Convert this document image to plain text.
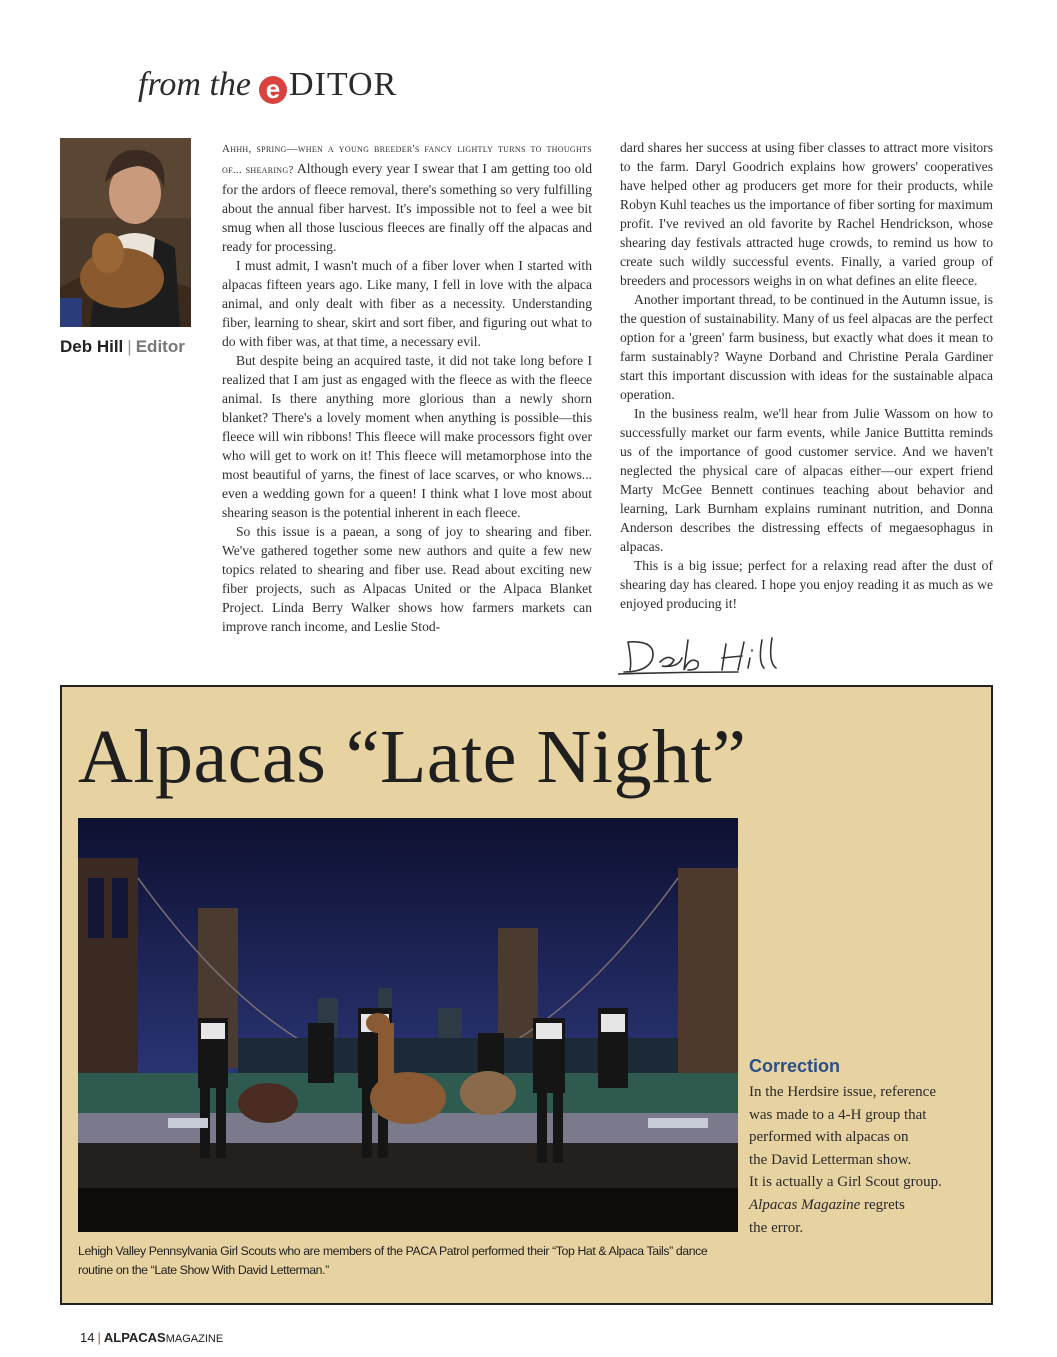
from the e DITOR
Deb Hill | Editor

Ahhh, spring—when a young breeder's fancy lightly turns to thoughts of... shearing? Although every year I swear that I am getting too old for the ardors of fleece removal, there's something so very fulfilling about the annual fiber harvest. It's impossible not to feel a wee bit smug when all those luscious fleeces are finally off the alpacas and ready for processing.

I must admit, I wasn't much of a fiber lover when I started with alpacas fifteen years ago. Like many, I fell in love with the alpaca animal, and only dealt with fiber as a necessity. Understanding fiber, learning to shear, skirt and sort fiber, and figuring out what to do with fiber was, at that time, a necessary evil.

But despite being an acquired taste, it did not take long before I realized that I am just as engaged with the fleece as with the fleece animal. Is there anything more glorious than a newly shorn blanket? There's a lovely moment when anything is possible—this fleece will win ribbons! This fleece will make processors fight over who will get to work on it! This fleece will metamorphose into the most beautiful of yarns, the finest of lace scarves, or who knows... even a wedding gown for a queen! I think what I love most about shearing season is the potential inherent in each fleece.

So this issue is a paean, a song of joy to shearing and fiber. We've gathered together some new authors and quite a few new topics related to shearing and fiber use. Read about exciting new fiber projects, such as Alpacas United or the Alpaca Blanket Project. Linda Berry Walker shows how farmers markets can improve ranch income, and Leslie Stod-

dard shares her success at using fiber classes to attract more visitors to the farm. Daryl Goodrich explains how growers' cooperatives have helped other ag producers get more for their products, while Robyn Kuhl teaches us the importance of fiber sorting for maximum profit. I've revived an old favorite by Rachel Hendrickson, whose shearing day festivals attracted huge crowds, to remind us how to create such wildly successful events. Finally, a varied group of breeders and processors weighs in on what defines an elite fleece.

Another important thread, to be continued in the Autumn issue, is the question of sustainability. Many of us feel alpacas are the perfect option for a 'green' farm business, but exactly what does it mean to farm sustainably? Wayne Dorband and Christine Perala Gardiner start this important discussion with ideas for the sustainable alpaca operation.

In the business realm, we'll hear from Julie Wassom on how to successfully market our farm events, while Janice Buttitta reminds us of the importance of good customer service. And we haven't neglected the physical care of alpacas either—our expert friend Marty McGee Bennett continues teaching about behavior and learning, Lark Burnham explains ruminant nutrition, and Donna Anderson describes the distressing effects of megaesophagus in alpacas.

This is a big issue; perfect for a relaxing read after the dust of shearing day has cleared. I hope you enjoy reading it as much as we enjoyed producing it!

Alpacas “Late Night”
Lehigh Valley Pennsylvania Girl Scouts who are members of the PACA Patrol performed their “Top Hat & Alpaca Tails” dance routine on the “Late Show With David Letterman.”
Correction
In the Herdsire issue, reference
was made to a 4-H group that
performed with alpacas on
the David Letterman show.
It is actually a Girl Scout group.
Alpacas Magazine regrets
the error.
14 | ALPACASMAGAZINE
